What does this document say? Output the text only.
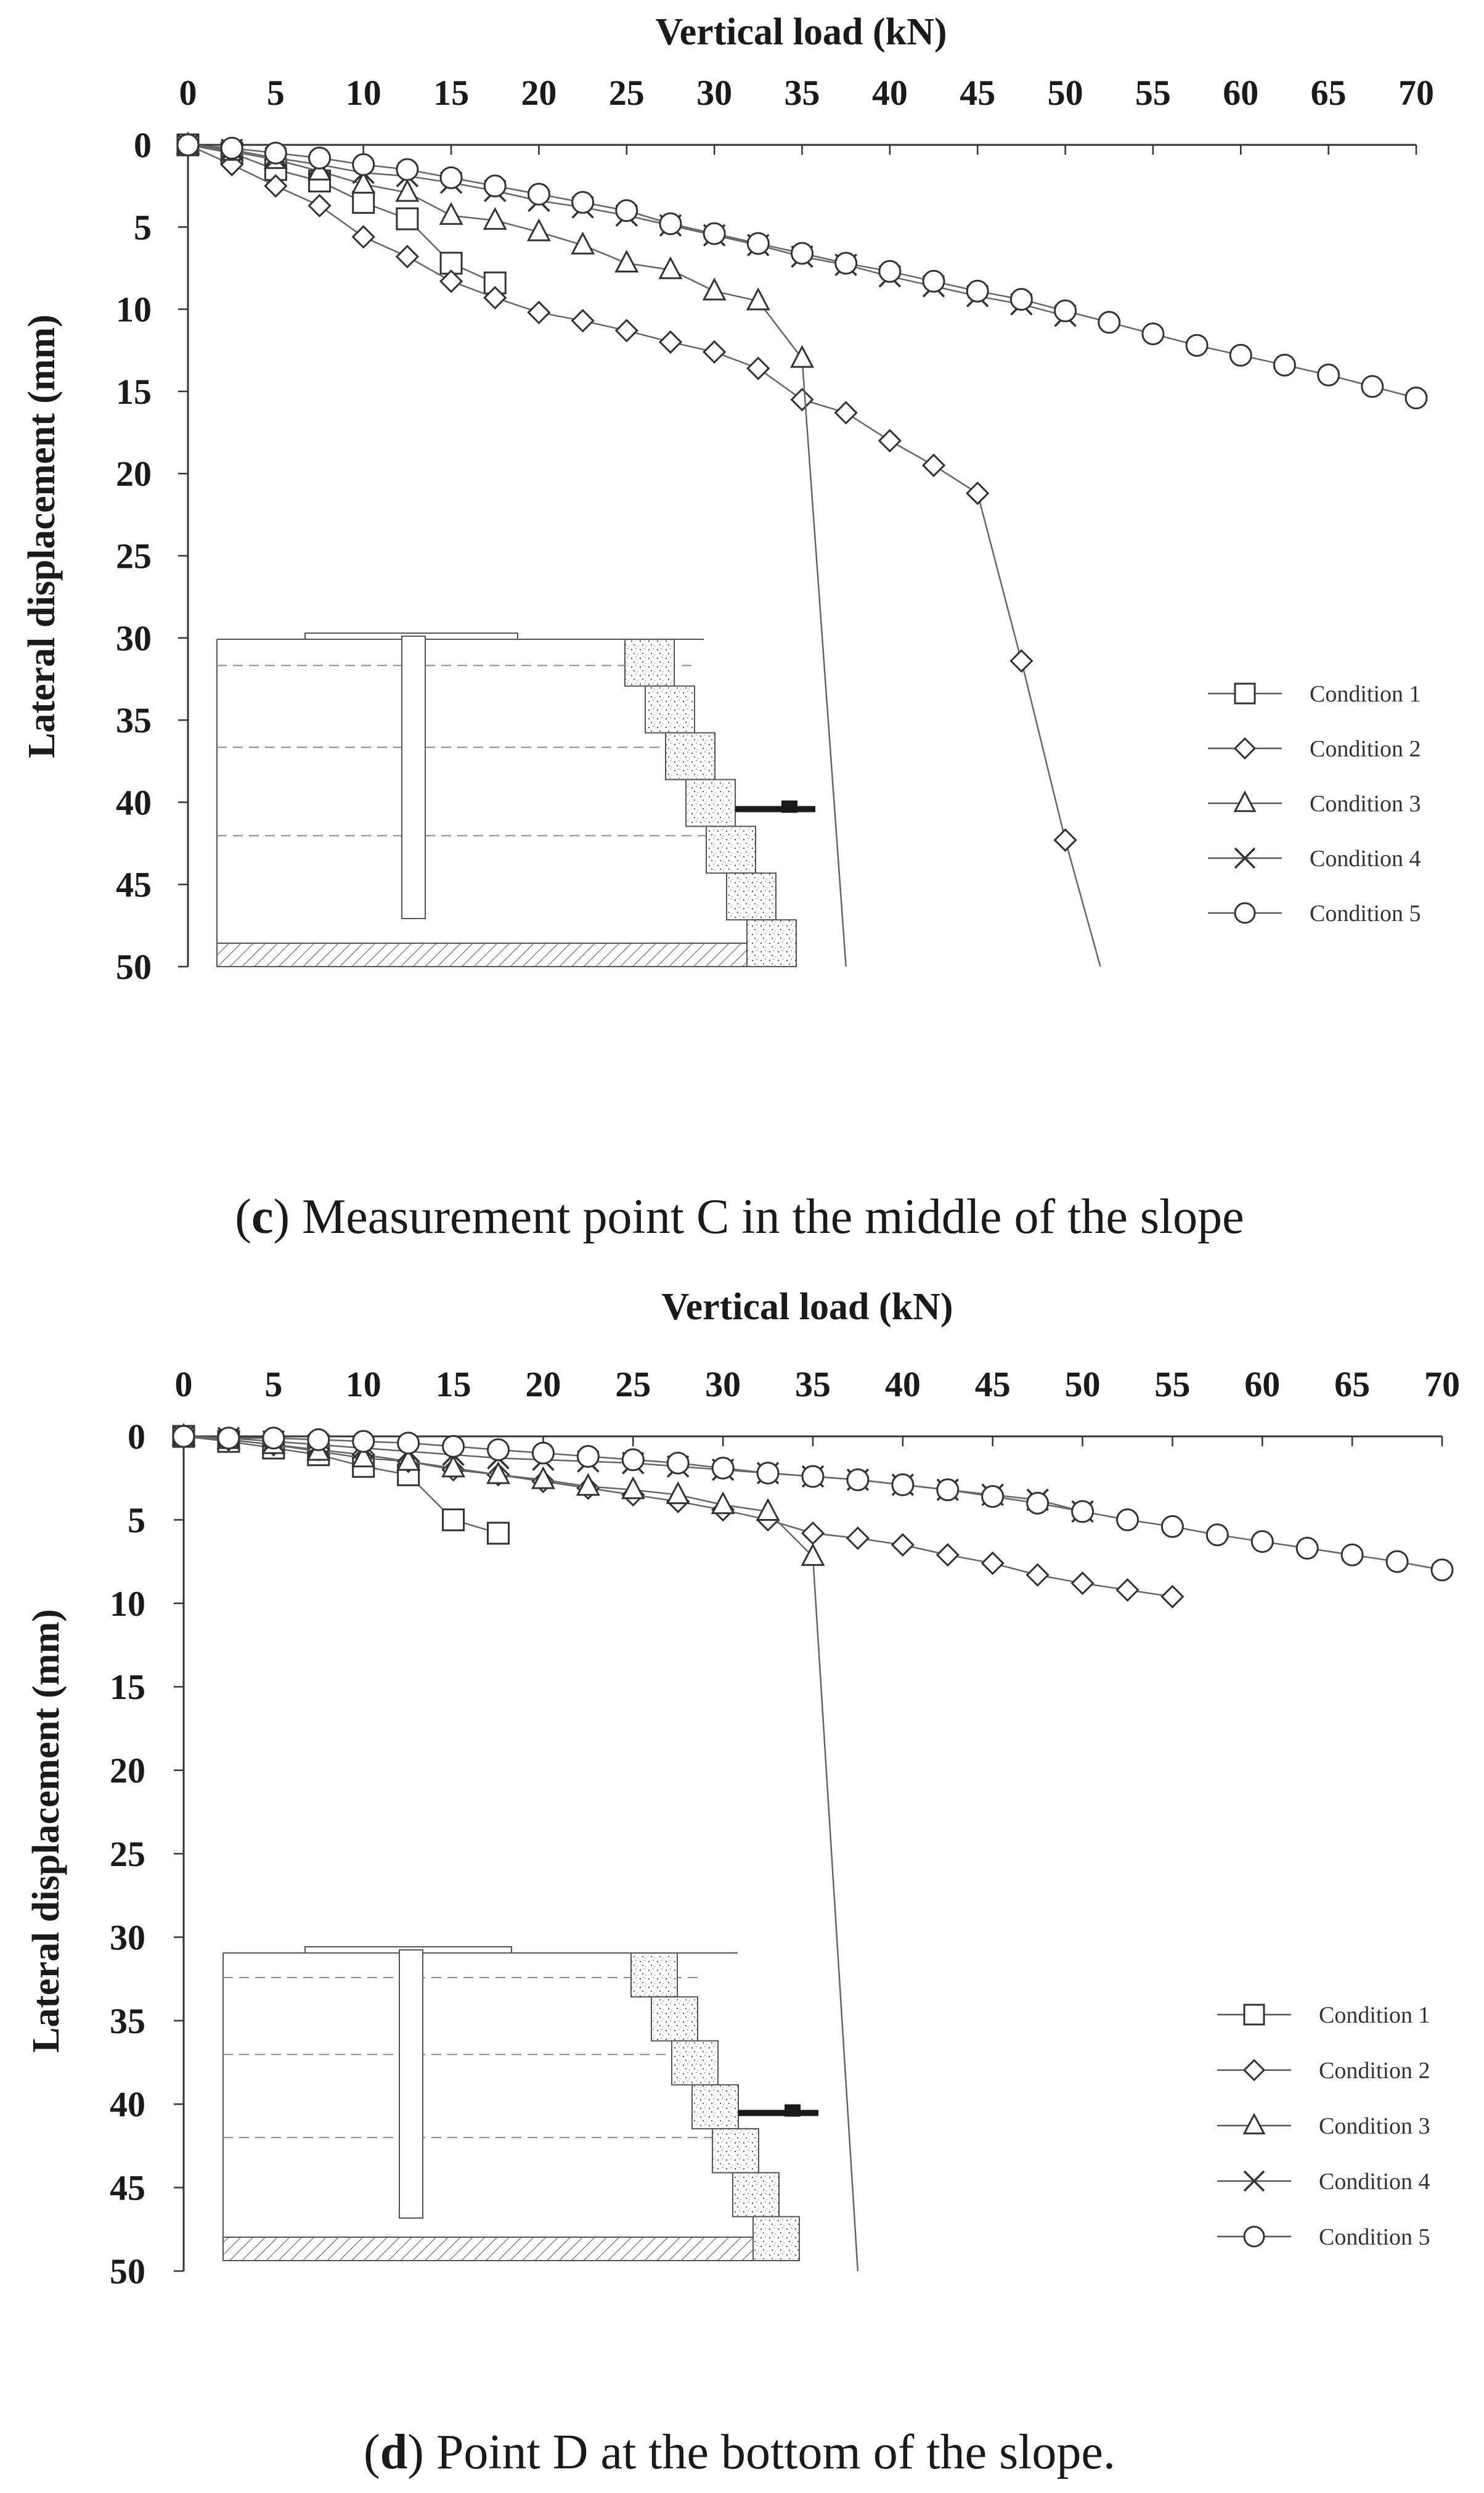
Vertical load (kN)
Lateral displacement (mm)
0 5 10 15 20 25 30 35 40 45 50 55 60 65 70
0
5
10
15
20
25
30
35
40
45
50
Condition 1
Condition 2
Condition 3
Condition 4
Condition 5
(c) Measurement point C in the middle of the slope
Vertical load (kN)
Lateral displacement (mm)
0 5 10 15 20 25 30 35 40 45 50 55 60 65 70
0
5
10
15
20
25
30
35
40
45
50
Condition 1
Condition 2
Condition 3
Condition 4
Condition 5
(d) Point D at the bottom of the slope.
